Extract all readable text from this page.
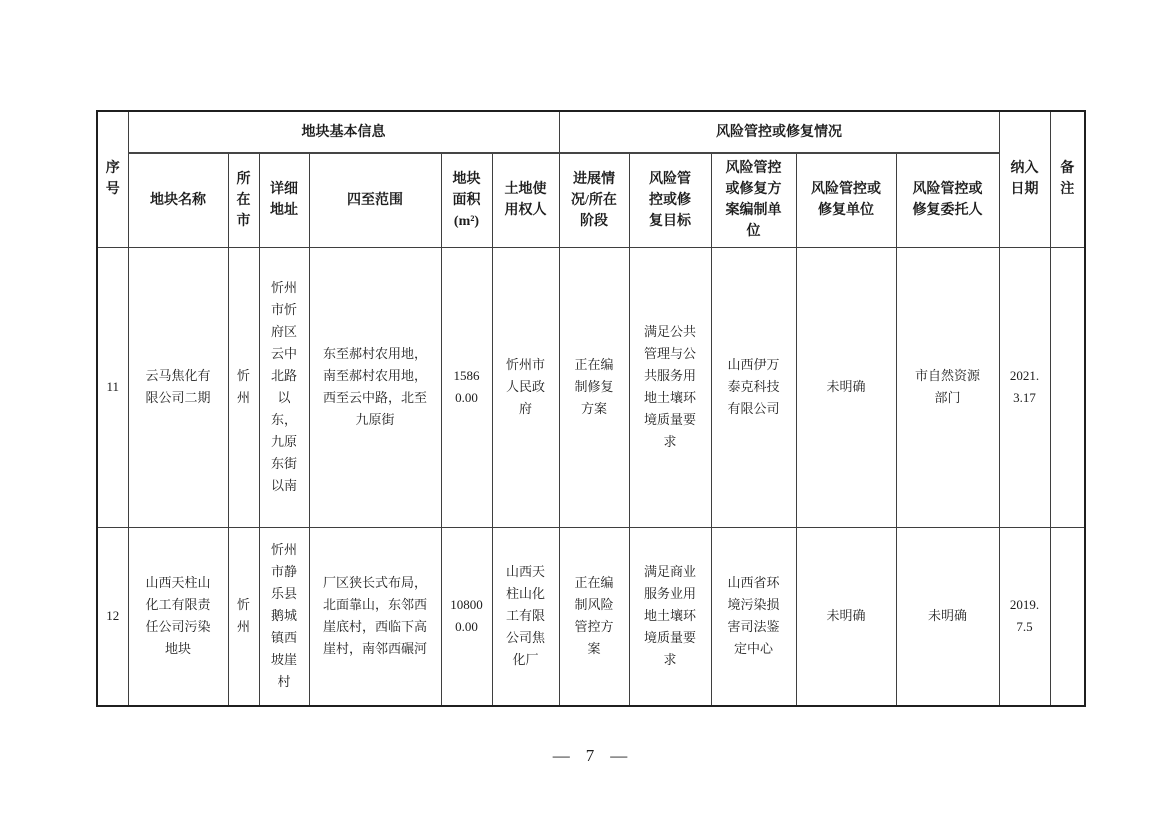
序号	地块基本信息						风险管控或修复情况					纳入日期	备注
	地块名称	所在市	详细地址	四至范围	地块面积(m²)	土地使用权人	进展情况/所在阶段	风险管控或修复目标	风险管控或修复方案编制单位	风险管控或修复单位	风险管控或修复委托人		
11	云马焦化有限公司二期	忻州	忻州市忻府区云中北路以东，九原东街以南	东至郝村农用地，南至郝村农用地，西至云中路，北至九原街	15860.00	忻州市人民政府	正在编制修复方案	满足公共管理与公共服务用地土壤环境质量要求	山西伊万泰克科技有限公司	未明确	市自然资源部门	2021.3.17	
12	山西天柱山化工有限责任公司污染地块	忻州	忻州市静乐县鹅城镇西坡崖村	厂区狭长式布局，北面靠山，东邻西崖底村，西临下高崖村，南邻西碾河	108000.00	山西天柱山化工有限公司焦化厂	正在编制风险管控方案	满足商业服务业用地土壤环境质量要求	山西省环境污染损害司法鉴定中心	未明确	未明确	2019.7.5	
— 7 —
